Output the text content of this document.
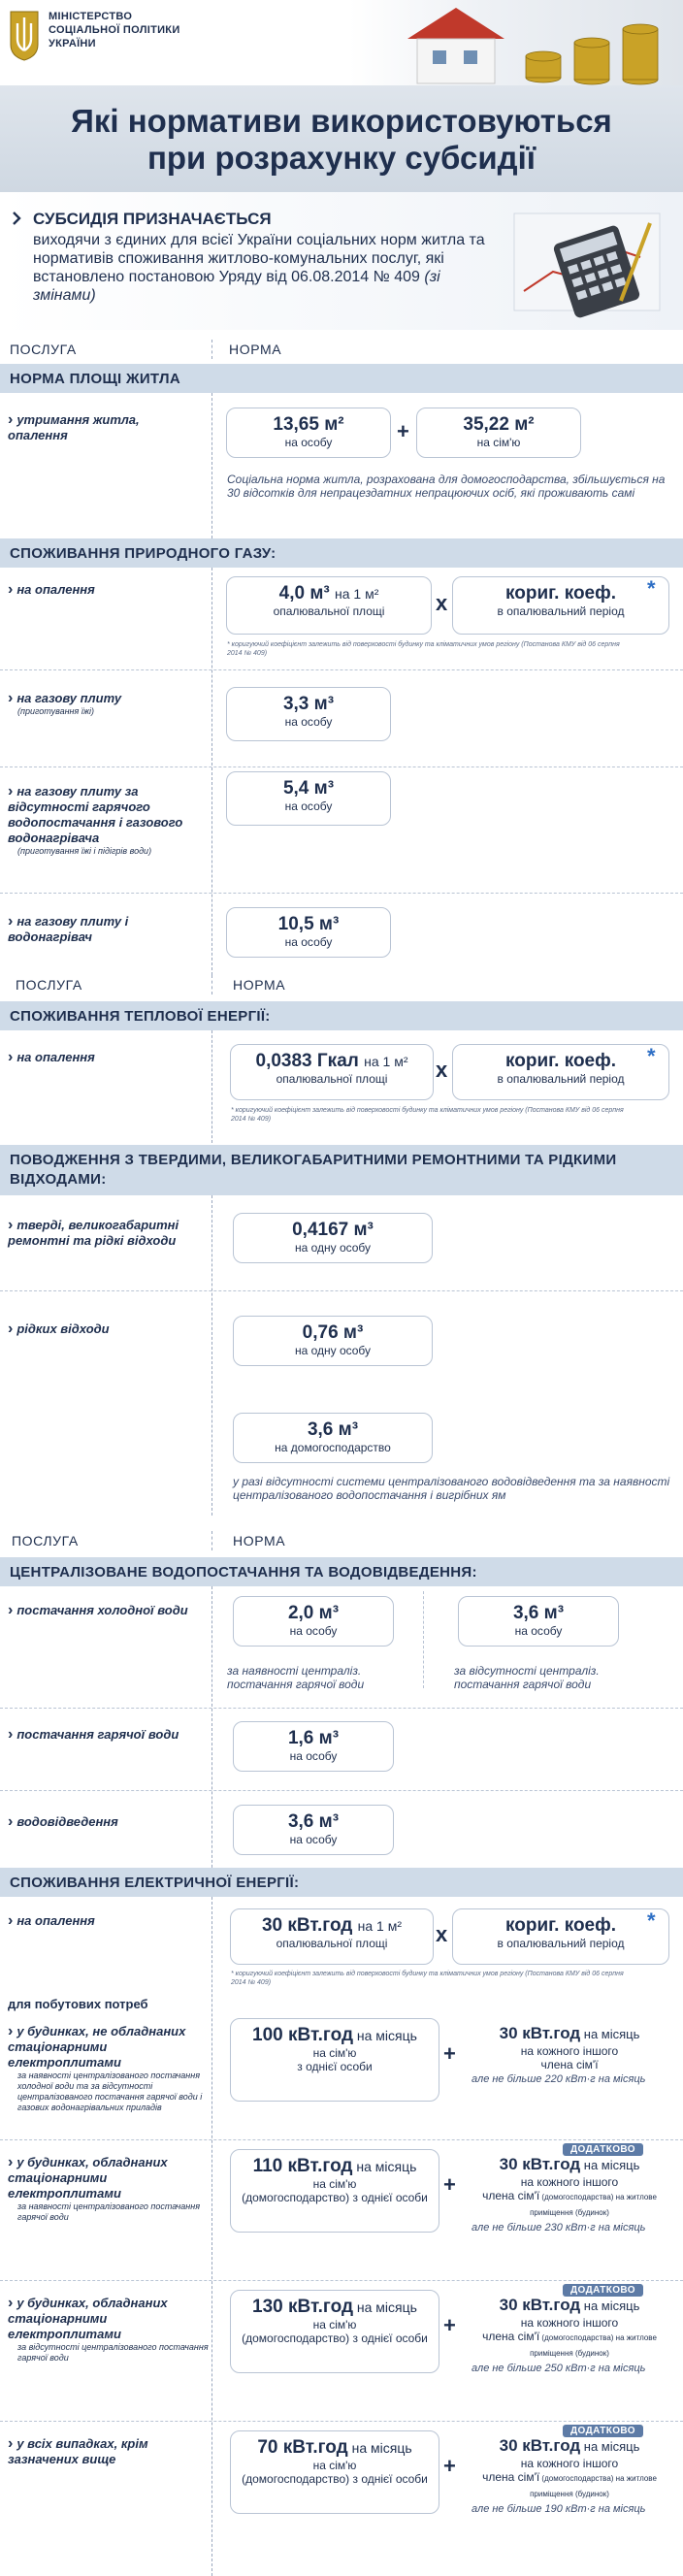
МІНІСТЕРСТВО
СОЦІАЛЬНОЇ ПОЛІТИКИ
УКРАЇНИ
Які нормативи використовуються
при розрахунку субсидії
СУБСИДІЯ ПРИЗНАЧАЄТЬСЯ
виходячи з єдиних для всієї України соціальних норм житла та нормативів споживання житлово-комунальних послуг, які встановлено постановою Уряду від 06.08.2014 № 409 (зі змінами)
ПОСЛУГА	НОРМА
НОРМА ПЛОЩІ ЖИТЛА
› утримання житла, опалення
13,65 м²
на особу	+	35,22 м²
на сім'ю
Соціальна норма житла, розрахована для домогосподарства, збільшується на 30 відсотків для непрацездатних непрацюючих осіб, які проживають самі
СПОЖИВАННЯ ПРИРОДНОГО ГАЗУ:
› на опалення	4,0 м³ на 1 м²
опалювальної площі	x	кориг. коеф.
в опалювальний період
*
* коригуючий коефіцієнт залежить від поверховості будинку та кліматичних умов регіону (Постанова КМУ від 06 серпня 2014 № 409)
› на газову плиту
(приготування їжі)	3,3 м³
на особу
› на газову плиту за відсутності гарячого водопостачання і газового водонагрівача
(приготування їжі і підігрів води)
5,4 м³
на особу
› на газову плиту і водонагрівач
10,5 м³
на особу
ПОСЛУГА	НОРМА
СПОЖИВАННЯ ТЕПЛОВОЇ ЕНЕРГІЇ:
› на опалення	0,0383 Гкал на 1 м²
опалювальної площі	x	кориг. коеф.
в опалювальний період
*
* коригуючий коефіцієнт залежить від поверховості будинку та кліматичних умов регіону (Постанова КМУ від 06 серпня 2014 № 409)
ПОВОДЖЕННЯ З ТВЕРДИМИ, ВЕЛИКОГАБАРИТНИМИ РЕМОНТНИМИ ТА РІДКИМИ ВІДХОДАМИ:
› тверді, великогабаритні ремонтні та рідкі відходи
0,4167 м³
на одну особу
› рідких відходи	0,76 м³
на одну особу
3,6 м³
на домогосподарство
у разі відсутності системи централізованого водовідведення та за наявності централізованого водопостачання і вигрібних ям
ПОСЛУГА	НОРМА
ЦЕНТРАЛІЗОВАНЕ ВОДОПОСТАЧАННЯ ТА ВОДОВІДВЕДЕННЯ:
› постачання холодної води	2,0 м³
на особу
за наявності централіз. постачання гарячої води
3,6 м³
на особу
за відсутності централіз. постачання гарячої води
› постачання гарячої води	1,6 м³
на особу
› водовідведення	3,6 м³
на особу
СПОЖИВАННЯ ЕЛЕКТРИЧНОЇ ЕНЕРГІЇ:
› на опалення	30 кВт.год на 1 м²
опалювальної площі	x	кориг. коеф.
в опалювальний період
*
* коригуючий коефіцієнт залежить від поверховості будинку та кліматичних умов регіону (Постанова КМУ від 06 серпня 2014 № 409)
для побутових потреб
› у будинках, не обладнаних стаціонарними електроплитами
за наявності централізованого постачання холодної води та за відсутності централізованого постачання гарячої води і газових водонагрівальних приладів
100 кВт.год на місяць
на сім'ю
з однієї особи
+
30 кВт.год на місяць
на кожного іншого
члена сім'ї
але не більше 220 кВт·г на місяць
› у будинках, обладнаних стаціонарними електроплитами
за наявності централізованого постачання гарячої води
110 кВт.год на місяць
на сім'ю
(домогосподарство) з однієї особи
+
ДОДАТКОВО
30 кВт.год на місяць
на кожного іншого
члена сім'ї (домогосподарства) на житлове приміщення (будинок)
але не більше 230 кВт·г на місяць
› у будинках, обладнаних стаціонарними електроплитами
за відсутності централізованого постачання гарячої води
130 кВт.год на місяць
на сім'ю
(домогосподарство) з однієї особи
+
ДОДАТКОВО
30 кВт.год на місяць
на кожного іншого
члена сім'ї (домогосподарства) на житлове приміщення (будинок)
але не більше 250 кВт·г на місяць
› у всіх випадках, крім зазначених вище
70 кВт.год на місяць
на сім'ю
(домогосподарство) з однієї особи
+
ДОДАТКОВО
30 кВт.год на місяць
на кожного іншого
члена сім'ї (домогосподарства) на житлове приміщення (будинок)
але не більше 190 кВт·г на місяць
